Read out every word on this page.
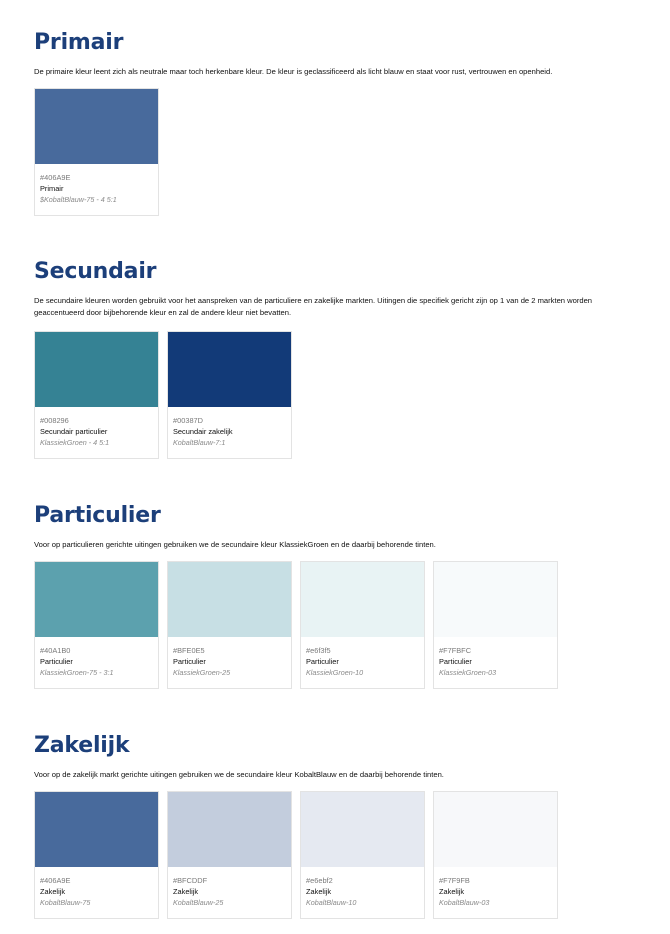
Primair

De primaire kleur leent zich als neutrale maar toch herkenbare kleur. De kleur is geclassificeerd als licht blauw en staat voor rust, vertrouwen en openheid.

#406A9E
Primair
$KobaltBlauw-75 - 4 5:1
Secundair

De secundaire kleuren worden gebruikt voor het aanspreken van de particuliere en zakelijke markten. Uitingen die specifiek gericht zijn op 1 van de 2 markten worden geaccentueerd door bijbehorende kleur en zal de andere kleur niet bevatten.

#008296
Secundair particulier
KlassiekGroen - 4 5:1
#00387D
Secundair zakelijk
KobaltBlauw-7:1
Particulier

Voor op particulieren gerichte uitingen gebruiken we de secundaire kleur KlassiekGroen en de daarbij behorende tinten.

#40A1B0
Particulier
KlassiekGroen-75 - 3:1
#BFE0E5
Particulier
KlassiekGroen-25
#e6f3f5
Particulier
KlassiekGroen-10
#F7FBFC
Particulier
KlassiekGroen-03
Zakelijk

Voor op de zakelijk markt gerichte uitingen gebruiken we de secundaire kleur KobaltBlauw en de daarbij behorende tinten.

#406A9E
Zakelijk
KobaltBlauw-75
#BFCDDF
Zakelijk
KobaltBlauw-25
#e6ebf2
Zakelijk
KobaltBlauw-10
#F7F9FB
Zakelijk
KobaltBlauw-03
